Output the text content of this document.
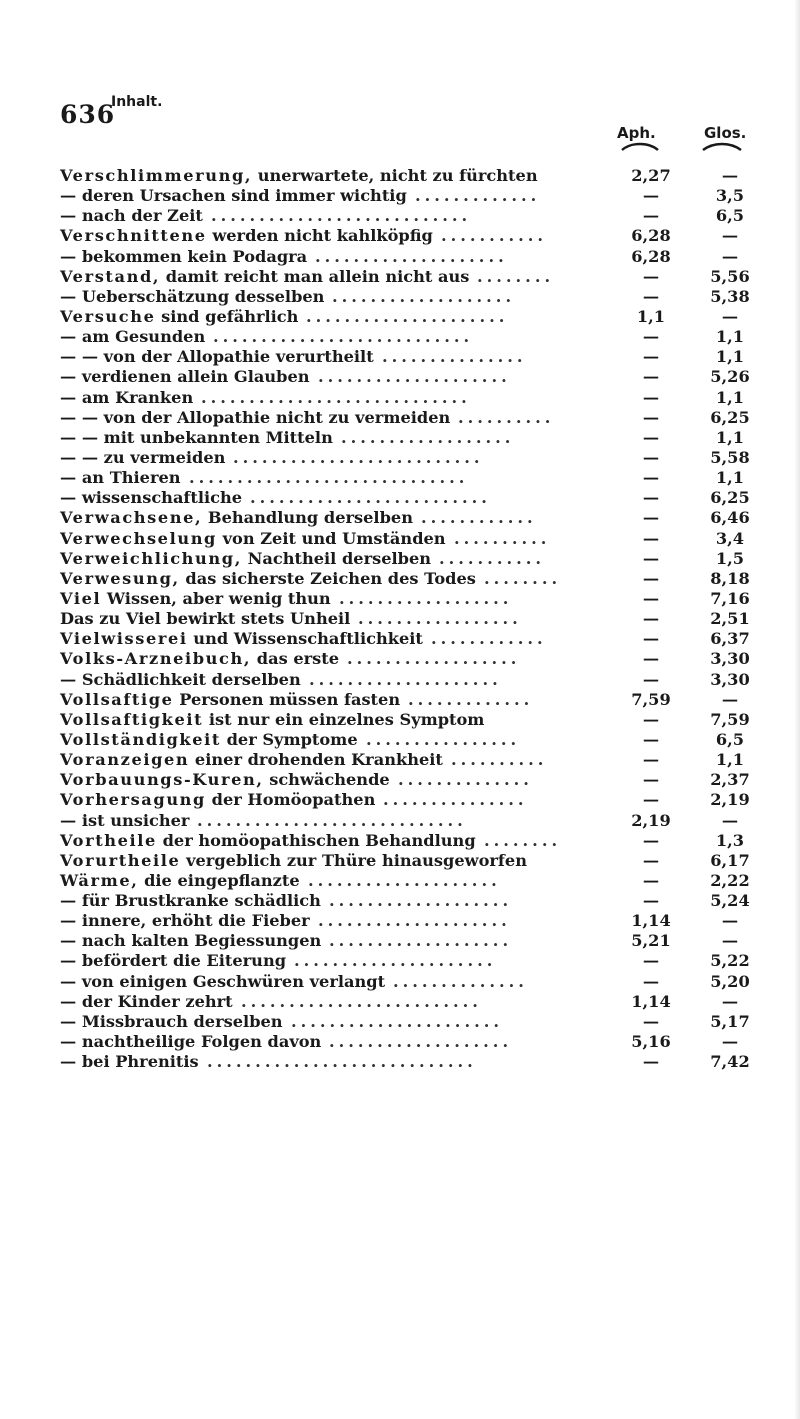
636
Inhalt.
Aph.	Glos.
Verschlimmerung, unerwartete, nicht zu fürchten	2,27	—
— deren Ursachen sind immer wichtig .............	—	3,5
— nach der Zeit ...........................	—	6,5
Verschnittene werden nicht kahlköpfig ...........	6,28	—
— bekommen kein Podagra ....................	6,28	—
Verstand, damit reicht man allein nicht aus ........	—	5,56
— Ueberschätzung desselben ...................	—	5,38
Versuche sind gefährlich .....................	1,1	—
— am Gesunden ...........................	—	1,1
— — von der Allopathie verurtheilt ...............	—	1,1
— verdienen allein Glauben ....................	—	5,26
— am Kranken ............................	—	1,1
— — von der Allopathie nicht zu vermeiden ..........	—	6,25
— — mit unbekannten Mitteln ..................	—	1,1
— — zu vermeiden ..........................	—	5,58
— an Thieren .............................	—	1,1
— wissenschaftliche .........................	—	6,25
Verwachsene, Behandlung derselben ............	—	6,46
Verwechselung von Zeit und Umständen ..........	—	3,4
Verweichlichung, Nachtheil derselben ...........	—	1,5
Verwesung, das sicherste Zeichen des Todes ........	—	8,18
Viel Wissen, aber wenig thun ..................	—	7,16
Das zu Viel bewirkt stets Unheil .................	—	2,51
Vielwisserei und Wissenschaftlichkeit ............	—	6,37
Volks-Arzneibuch, das erste ..................	—	3,30
— Schädlichkeit derselben ....................	—	3,30
Vollsaftige Personen müssen fasten .............	7,59	—
Vollsaftigkeit ist nur ein einzelnes Symptom	—	7,59
Vollständigkeit der Symptome ................	—	6,5
Voranzeigen einer drohenden Krankheit ..........	—	1,1
Vorbauungs-Kuren, schwächende ..............	—	2,37
Vorhersagung der Homöopathen ...............	—	2,19
— ist unsicher ............................	2,19	—
Vortheile der homöopathischen Behandlung ........	—	1,3
Vorurtheile vergeblich zur Thüre hinausgeworfen	—	6,17
Wärme, die eingepflanzte ....................	—	2,22
— für Brustkranke schädlich ...................	—	5,24
— innere, erhöht die Fieber ....................	1,14	—
— nach kalten Begiessungen ...................	5,21	—
— befördert die Eiterung .....................	—	5,22
— von einigen Geschwüren verlangt ..............	—	5,20
— der Kinder zehrt .........................	1,14	—
— Missbrauch derselben ......................	—	5,17
— nachtheilige Folgen davon ...................	5,16	—
— bei Phrenitis ............................	—	7,42
